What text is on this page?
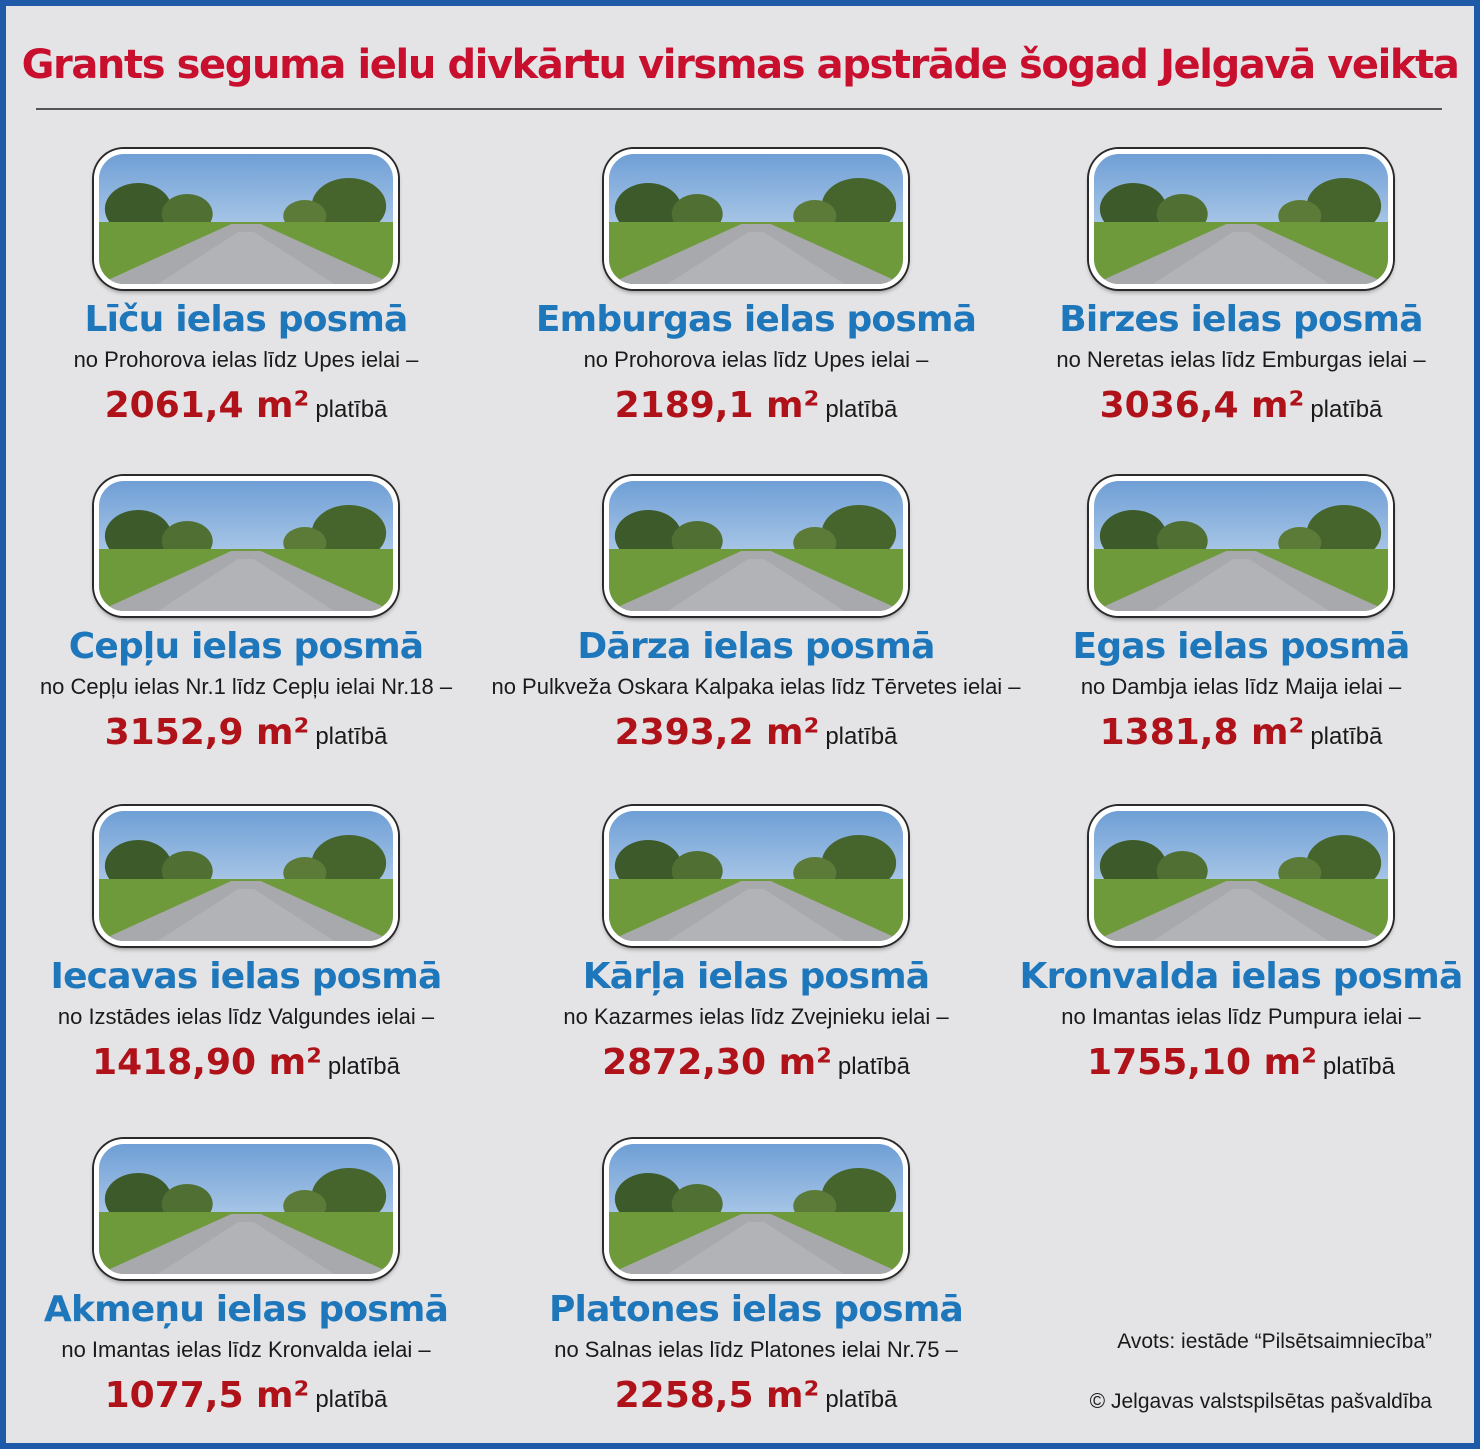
Grants seguma ielu divkārtu virsmas apstrāde šogad Jelgavā veikta
Līču ielas posmā
no Prohorova ielas līdz Upes ielai –
2061,4 m² platībā
Emburgas ielas posmā
no Prohorova ielas līdz Upes ielai –
2189,1 m² platībā
Birzes ielas posmā
no Neretas ielas līdz Emburgas ielai –
3036,4 m² platībā
Cepļu ielas posmā
no Cepļu ielas Nr.1 līdz Cepļu ielai Nr.18 –
3152,9 m² platībā
Dārza ielas posmā
no Pulkveža Oskara Kalpaka ielas līdz Tērvetes ielai –
2393,2 m² platībā
Egas ielas posmā
no Dambja ielas līdz Maija ielai –
1381,8 m² platībā
Iecavas ielas posmā
no Izstādes ielas līdz Valgundes ielai –
1418,90 m² platībā
Kārļa ielas posmā
no Kazarmes ielas līdz Zvejnieku ielai –
2872,30 m² platībā
Kronvalda ielas posmā
no Imantas ielas līdz Pumpura ielai –
1755,10 m² platībā
Akmeņu ielas posmā
no Imantas ielas līdz Kronvalda ielai –
1077,5 m² platībā
Platones ielas posmā
no Salnas ielas līdz Platones ielai Nr.75 –
2258,5 m² platībā
Avots: iestāde “Pilsētsaimniecība”
© Jelgavas valstspilsētas pašvaldība
